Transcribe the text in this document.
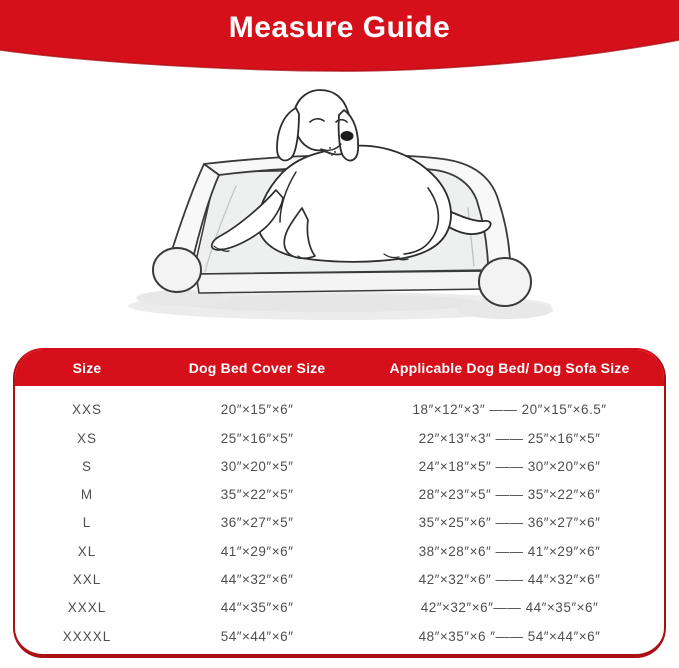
Measure Guide
Size	Dog Bed Cover Size	Applicable Dog Bed/ Dog Sofa Size
XXS	20″×15″×6″	18″×12″×3″ —— 20″×15″×6.5″
XS	25″×16″×5″	22″×13″×3″ —— 25″×16″×5″
S	30″×20″×5″	24″×18″×5″ —— 30″×20″×6″
M	35″×22″×5″	28″×23″×5″ —— 35″×22″×6″
L	36″×27″×5″	35″×25″×6″ —— 36″×27″×6″
XL	41″×29″×6″	38″×28″×6″ —— 41″×29″×6″
XXL	44″×32″×6″	42″×32″×6″ —— 44″×32″×6″
XXXL	44″×35″×6″	42″×32″×6″—— 44″×35″×6″
XXXXL	54″×44″×6″	48″×35″×6 ″—— 54″×44″×6″
